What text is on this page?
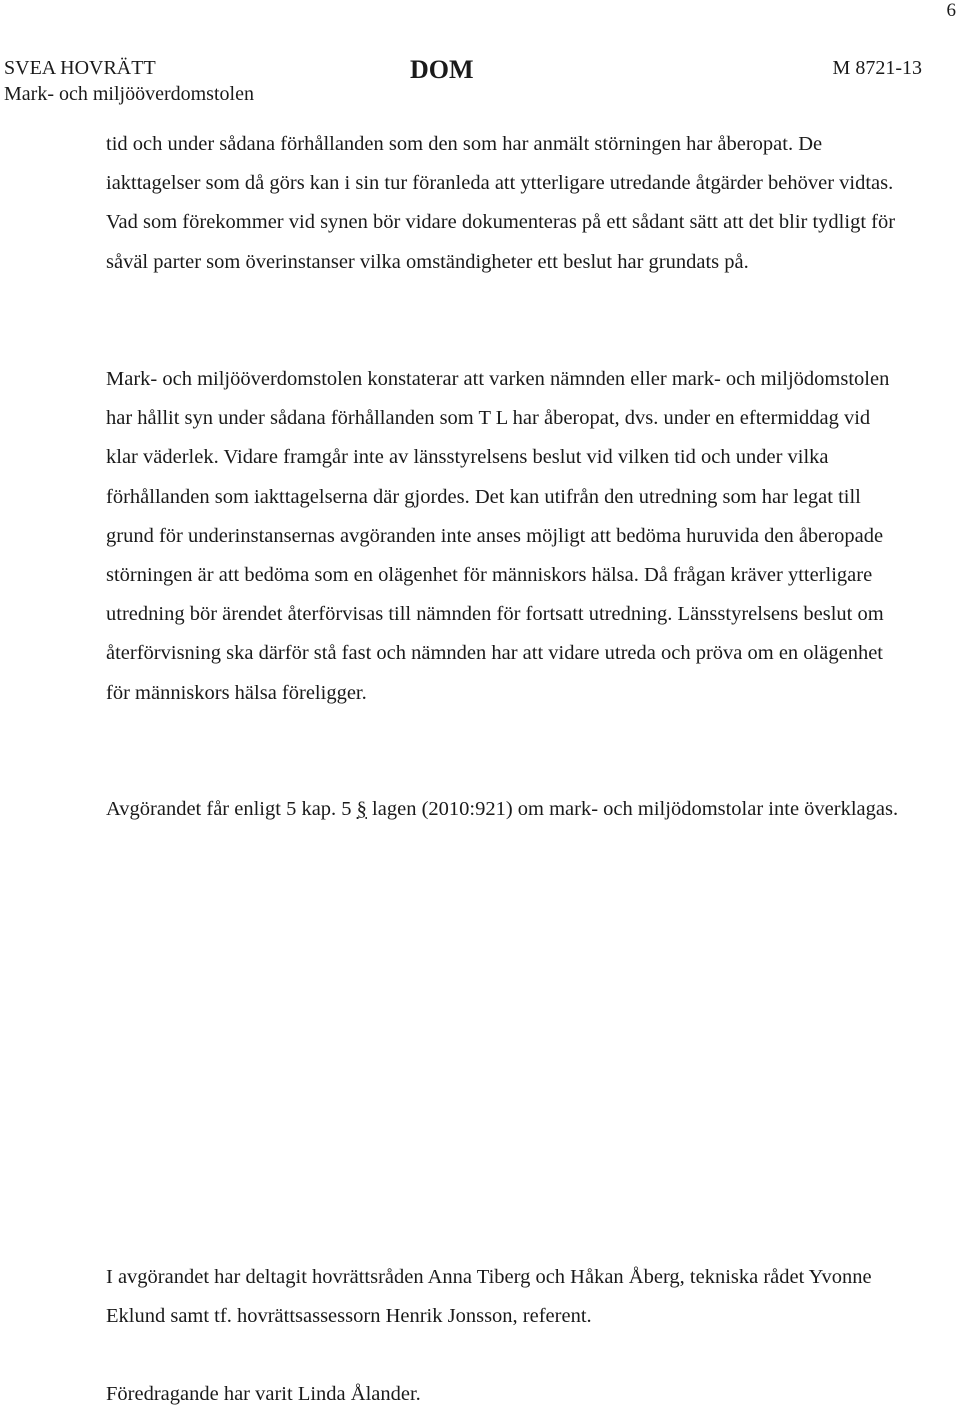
6
SVEA HOVRÄTT
Mark- och miljööverdomstolen
DOM	M 8721-13

tid och under sådana förhållanden som den som har anmält störningen har åberopat. De iakttagelser som då görs kan i sin tur föranleda att ytterligare utredande åtgärder behöver vidtas. Vad som förekommer vid synen bör vidare dokumenteras på ett sådant sätt att det blir tydligt för såväl parter som överinstanser vilka omständigheter ett beslut har grundats på.

Mark- och miljööverdomstolen konstaterar att varken nämnden eller mark- och miljödomstolen har hållit syn under sådana förhållanden som T L har åberopat, dvs. under en eftermiddag vid klar väderlek. Vidare framgår inte av länsstyrelsens beslut vid vilken tid och under vilka förhållanden som iakttagelserna där gjordes. Det kan utifrån den utredning som har legat till grund för underinstansernas avgöranden inte anses möjligt att bedöma huruvida den åberopade störningen är att bedöma som en olägenhet för människors hälsa. Då frågan kräver ytterligare utredning bör ärendet återförvisas till nämnden för fortsatt utredning. Länsstyrelsens beslut om återförvisning ska därför stå fast och nämnden har att vidare utreda och pröva om en olägenhet för människors hälsa föreligger.

Avgörandet får enligt 5 kap. 5 § lagen (2010:921) om mark- och miljödomstolar inte överklagas.

I avgörandet har deltagit hovrättsråden Anna Tiberg och Håkan Åberg, tekniska rådet Yvonne Eklund samt tf. hovrättsassessorn Henrik Jonsson, referent.

Föredragande har varit Linda Ålander.
